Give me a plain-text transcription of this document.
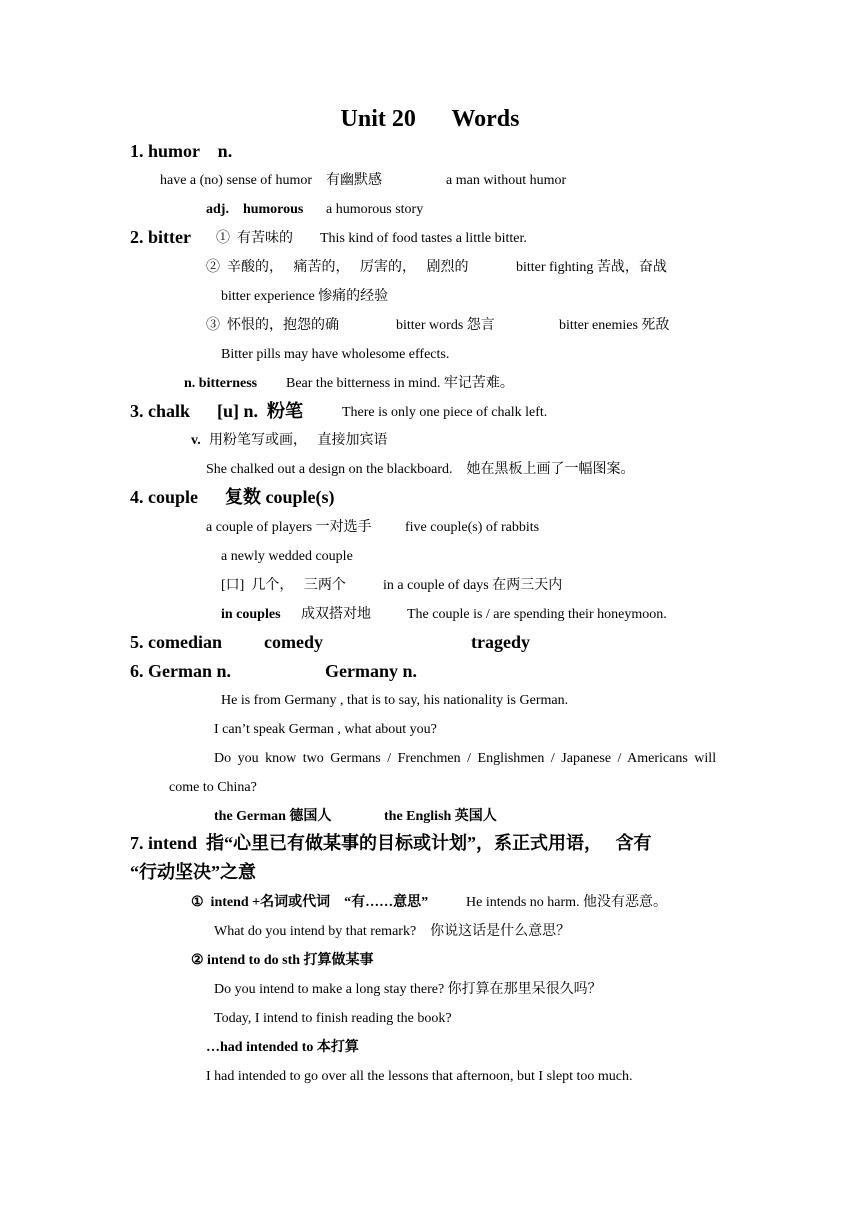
Unit 20      Words
1. humor    n.
have a (no) sense of humor    有幽默感	a man without humor
adj.    humorous a humorous story
2. bitter ①  有苦味的 This kind of food tastes a little bitter.
②  辛酸的，   痛苦的，   厉害的，   剧烈的	bitter fighting 苦战，奋战
bitter experience 惨痛的经验
③  怀恨的，抱怨的确	bitter words 怨言	bitter enemies 死敌
Bitter pills may have wholesome effects.
n. bitterness Bear the bitterness in mind. 牢记苦难。
3. chalk      [u] n.  粉笔	There is only one piece of chalk left.
v. 用粉笔写或画，   直接加宾语
She chalked out a design on the blackboard.    她在黑板上画了一幅图案。
4. couple      复数 couple(s)
a couple of players 一对选手 five couple(s) of rabbits
a newly wedded couple
[口]  几个，   三两个	in a couple of days 在两三天内
in couples 成双搭对地	The couple is / are spending their honeymoon.
5. comedian comedy	tragedy
6. German n.	Germany n.
He is from Germany , that is to say, his nationality is German.
I can’t speak German , what about you?
Do you know two Germans / Frenchmen / Englishmen / Japanese / Americans will
come to China?
the German 德国人	the English 英国人
7. intend  指“心里已有做某事的目标或计划”，系正式用语，   含有
“行动坚决”之意
①  intend +名词或代词    “有……意思”	He intends no harm. 他没有恶意。
What do you intend by that remark?    你说这话是什么意思？
② intend to do sth 打算做某事
Do you intend to make a long stay there? 你打算在那里呆很久吗？
Today, I intend to finish reading the book?
…had intended to 本打算
I had intended to go over all the lessons that afternoon, but I slept too much.
